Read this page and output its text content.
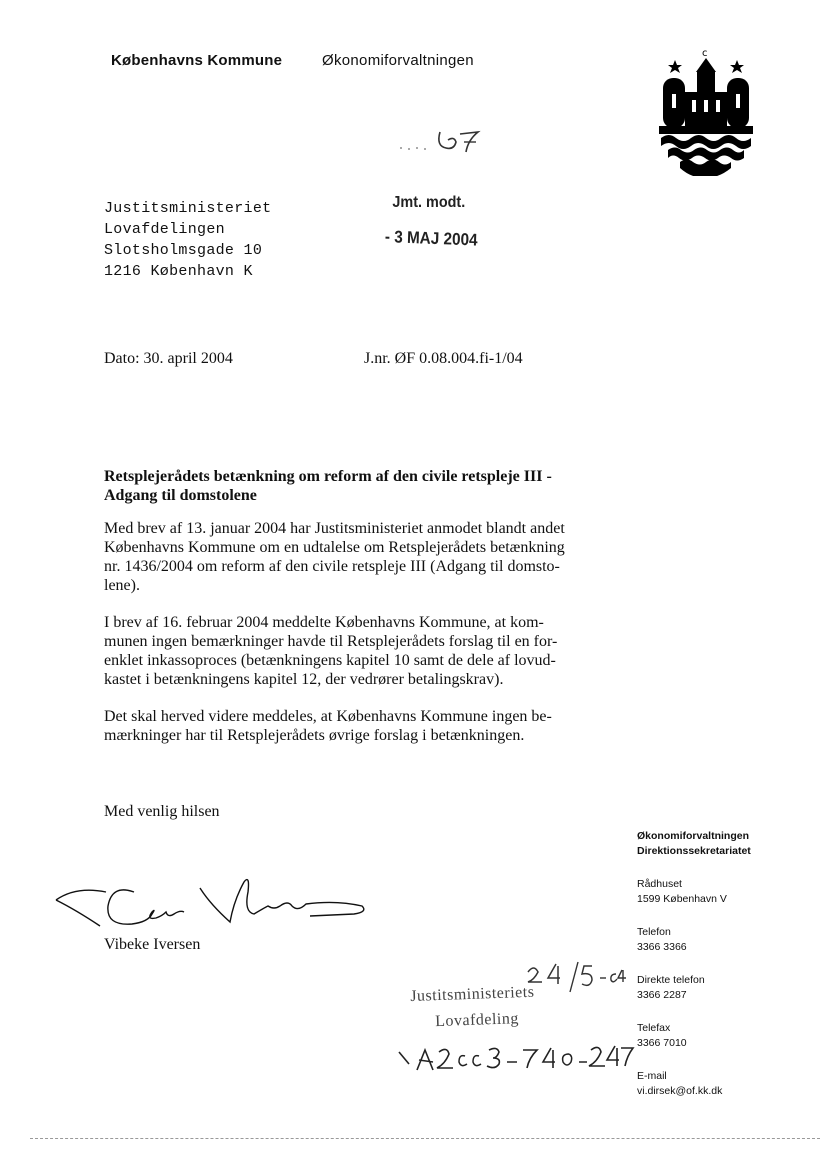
Københavns Kommune	Økonomiforvaltningen	c
Justitsministeriet
Lovafdelingen
Slotsholmsgade 10
1216 København K
Jmt. modt.
- 3 MAJ 2004
Dato: 30. april 2004	J.nr. ØF 0.08.004.fi-1/04
Retsplejerådets betænkning om reform af den civile retspleje III -
Adgang til domstolene
Med brev af 13. januar 2004 har Justitsministeriet anmodet blandt andet
Københavns Kommune om en udtalelse om Retsplejerådets betænkning
nr. 1436/2004 om reform af den civile retspleje III (Adgang til domsto-
lene).
I brev af 16. februar 2004 meddelte Københavns Kommune, at kom-
munen ingen bemærkninger havde til Retsplejerådets forslag til en for-
enklet inkassoproces (betænkningens kapitel 10 samt de dele af lovud-
kastet i betænkningens kapitel 12, der vedrører betalingskrav).
Det skal herved videre meddeles, at Københavns Kommune ingen be-
mærkninger har til Retsplejerådets øvrige forslag i betænkningen.
Med venlig hilsen
Vibeke Iversen
Økonomiforvaltningen
Direktionssekretariatet
Rådhuset
1599 København V
Telefon
3366 3366
Direkte telefon
3366 2287
Telefax
3366 7010
E-mail
vi.dirsek@of.kk.dk
Justitsministeriets
Lovafdeling
